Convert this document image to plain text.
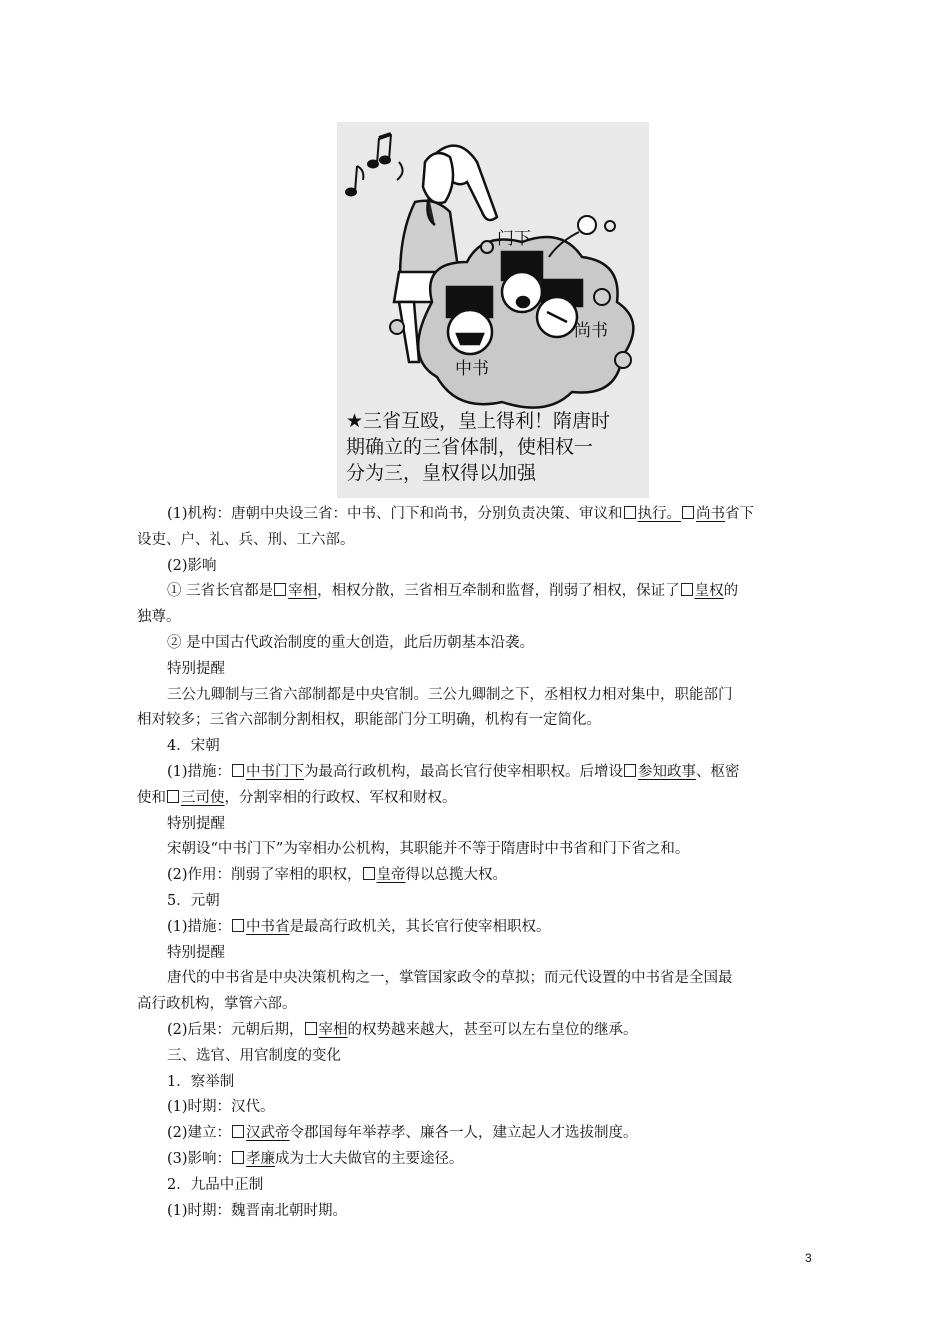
门下
尚书
中书
★三省互殴，皇上得利！隋唐时
期确立的三省体制，使相权一
分为三，皇权得以加强
(1)机构：唐朝中央设三省：中书、门下和尚书，分别负责决策、审议和 执行。 尚书省下
设吏、户、礼、兵、刑、工六部。
(2)影响
① 三省长官都是 宰相，相权分散，三省相互牵制和监督，削弱了相权，保证了 皇权的
独尊。
② 是中国古代政治制度的重大创造，此后历朝基本沿袭。
特别提醒
三公九卿制与三省六部制都是中央官制。三公九卿制之下，丞相权力相对集中，职能部门
相对较多；三省六部制分割相权，职能部门分工明确，机构有一定简化。
4．宋朝
(1)措施： 中书门下为最高行政机构，最高长官行使宰相职权。后增设 参知政事、枢密
使和 三司使，分割宰相的行政权、军权和财权。
特别提醒
宋朝设“中书门下”为宰相办公机构，其职能并不等于隋唐时中书省和门下省之和。
(2)作用：削弱了宰相的职权， 皇帝得以总揽大权。
5．元朝
(1)措施： 中书省是最高行政机关，其长官行使宰相职权。
特别提醒
唐代的中书省是中央决策机构之一，掌管国家政令的草拟；而元代设置的中书省是全国最
高行政机构，掌管六部。
(2)后果：元朝后期， 宰相的权势越来越大，甚至可以左右皇位的继承。
三、选官、用官制度的变化
1．察举制
(1)时期：汉代。
(2)建立： 汉武帝令郡国每年举荐孝、廉各一人，建立起人才选拔制度。
(3)影响： 孝廉成为士大夫做官的主要途径。
2．九品中正制
(1)时期：魏晋南北朝时期。
3
